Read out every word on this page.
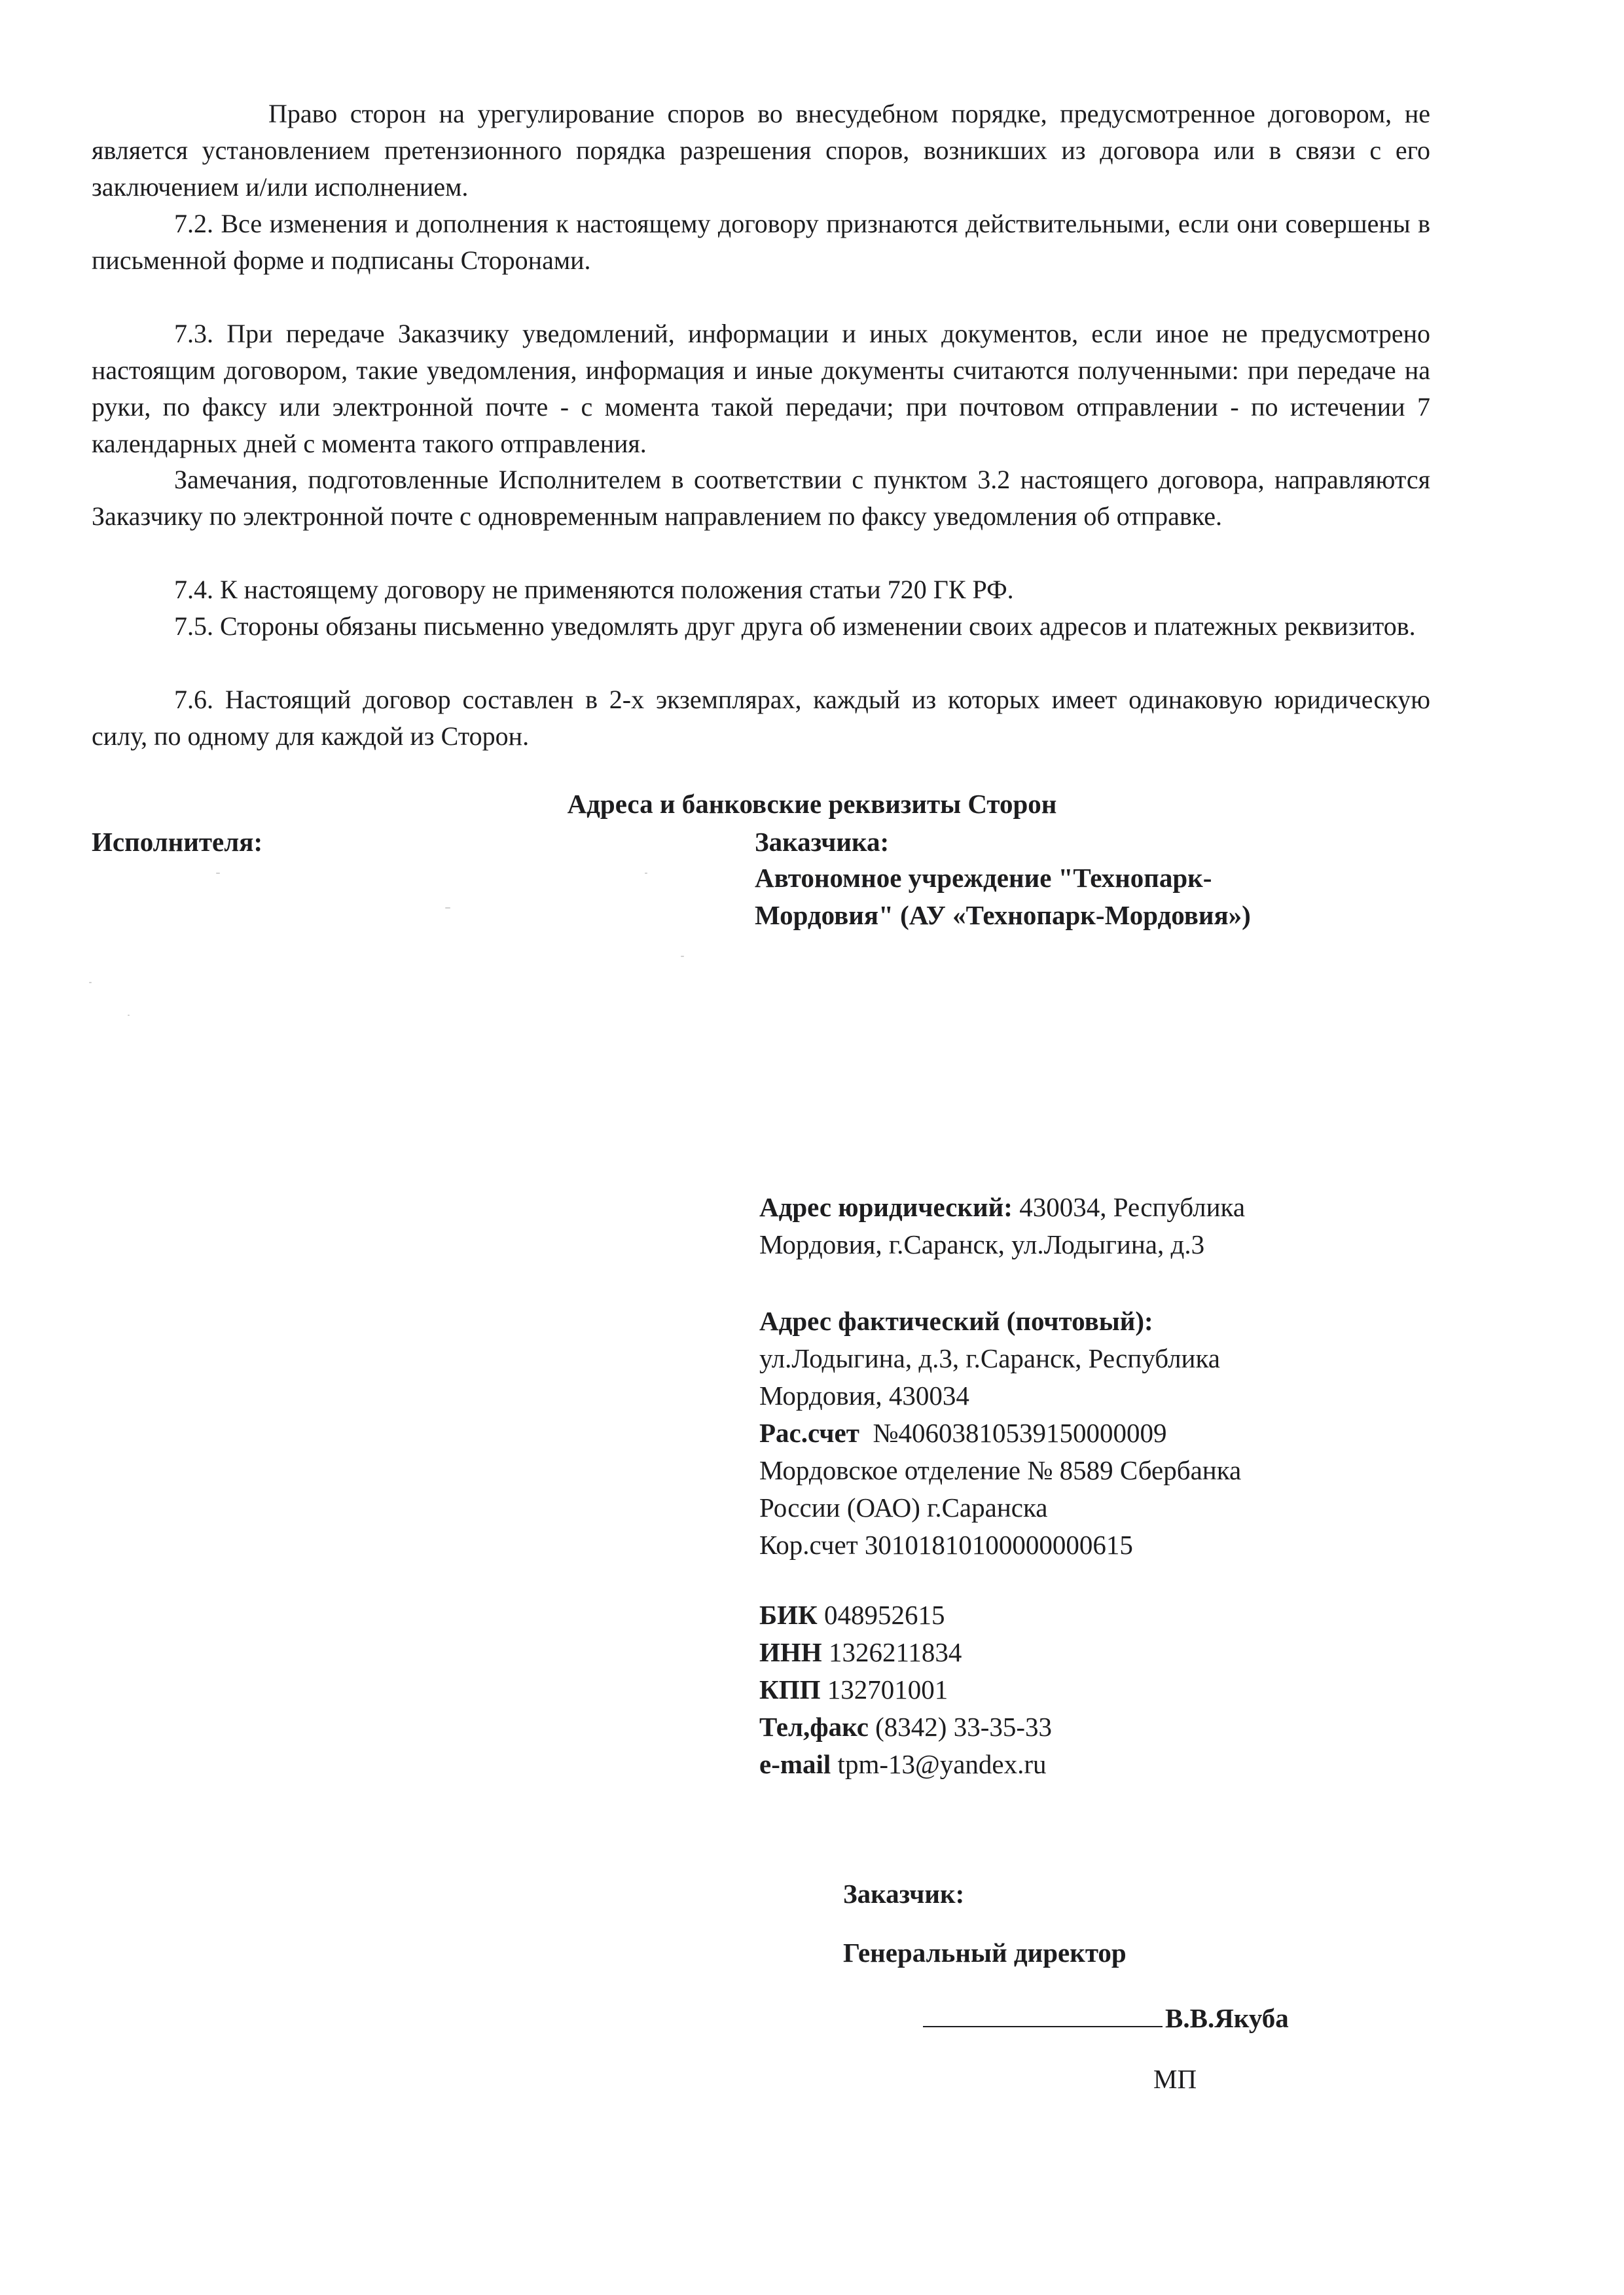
Право сторон на урегулирование споров во внесудебном порядке, предусмотренное договором, не является установлением претензионного порядка разрешения споров, возникших из договора или в связи с его заключением и/или исполнением.

7.2. Все изменения и дополнения к настоящему договору признаются действительными, если они совершены в письменной форме и подписаны Сторонами.

7.3. При передаче Заказчику уведомлений, информации и иных документов, если иное не предусмотрено настоящим договором, такие уведомления, информация и иные документы считаются полученными: при передаче на руки, по факсу или электронной почте - с момента такой передачи; при почтовом отправлении - по истечении 7 календарных дней с момента такого отправления.

Замечания, подготовленные Исполнителем в соответствии с пунктом 3.2 настоящего договора, направляются Заказчику по электронной почте с одновременным направлением по факсу уведомления об отправке.

7.4. К настоящему договору не применяются положения статьи 720 ГК РФ.

7.5. Стороны обязаны письменно уведомлять друг друга об изменении своих адресов и платежных реквизитов.

7.6. Настоящий договор составлен в 2-х экземплярах, каждый из которых имеет одинаковую юридическую силу, по одному для каждой из Сторон.

Адреса и банковские реквизиты Сторон

Исполнителя:	Заказчика:
Автономное учреждение "Технопарк-
Мордовия" (АУ «Технопарк-Мордовия»)
Адрес юридический: 430034, Республика
Мордовия, г.Саранск, ул.Лодыгина, д.3
Адрес фактический (почтовый):
ул.Лодыгина, д.3, г.Саранск, Республика
Мордовия, 430034
Рас.счет  №40603810539150000009
Мордовское отделение № 8589 Сбербанка
России (ОАО) г.Саранска
Кор.счет 30101810100000000615
БИК 048952615
ИНН 1326211834
КПП 132701001
Тел,факс (8342) 33-35-33
e-mail tpm-13@yandex.ru
Заказчик:
Генеральный директор
В.В.Якуба
МП
